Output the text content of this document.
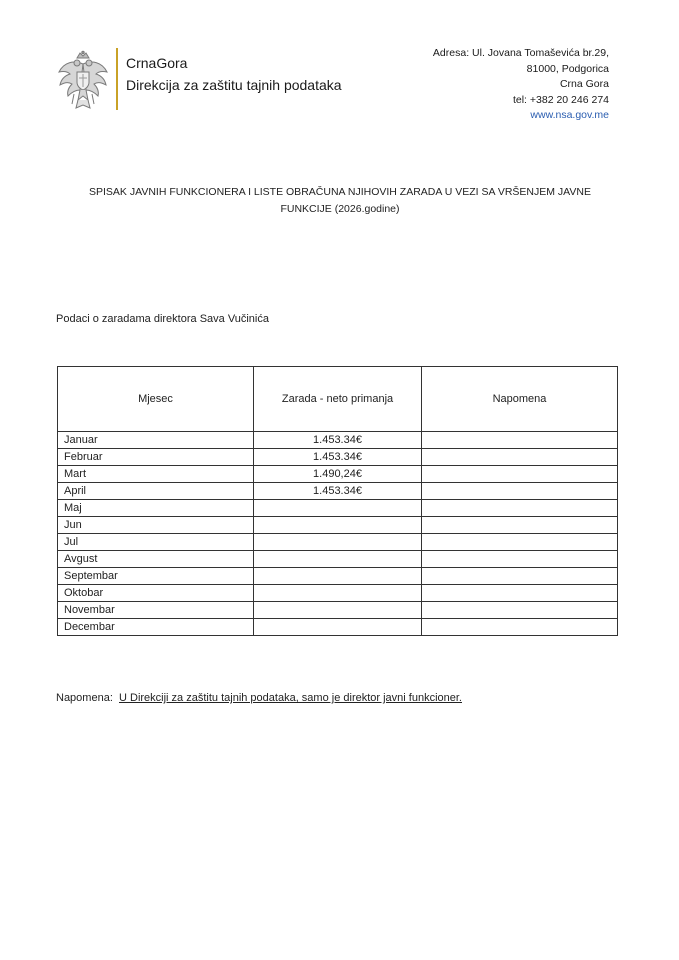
CrnaGora
Direkcija za zaštitu tajnih podataka
Adresa: Ul. Jovana Tomaševića br.29,
81000, Podgorica
Crna Gora
tel: +382 20 246 274
www.nsa.gov.me
SPISAK JAVNIH FUNKCIONERA I LISTE OBRAČUNA NJIHOVIH ZARADA U VEZI SA VRŠENJEM JAVNE
FUNKCIJE (2026.godine)
Podaci o zaradama direktora Sava Vučinića
Mjesec	Zarada - neto primanja	Napomena
Januar	1.453.34€	
Februar	1.453.34€	
Mart	1.490,24€	
April	1.453.34€	
Maj		
Jun		
Jul		
Avgust		
Septembar		
Oktobar		
Novembar		
Decembar		
Napomena: U Direkciji za zaštitu tajnih podataka, samo je direktor javni funkcioner.
